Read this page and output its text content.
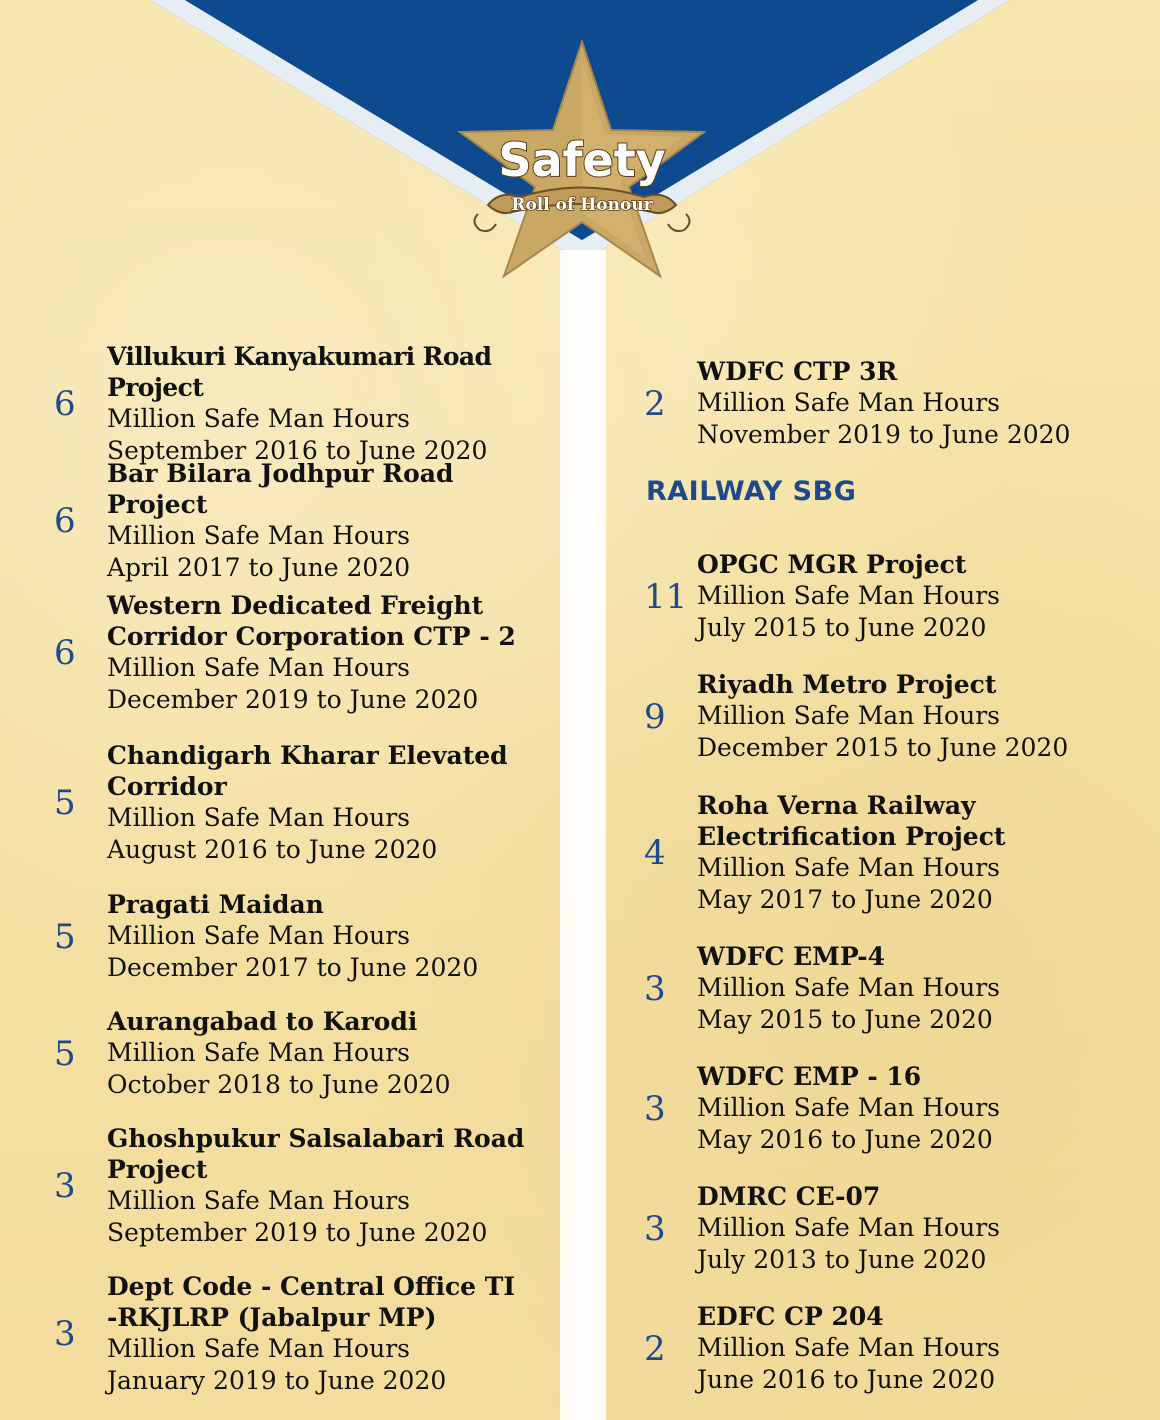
Safety
Roll of Honour
6
Villukuri Kanyakumari Road Project
Million Safe Man Hours
September 2016 to June 2020
6
Bar Bilara Jodhpur Road Project
Million Safe Man Hours
April 2017 to June 2020
6
Western Dedicated Freight
Corridor Corporation CTP - 2
Million Safe Man Hours
December 2019 to June 2020
5
Chandigarh Kharar Elevated
Corridor
Million Safe Man Hours
August 2016 to June 2020
5
Pragati Maidan
Million Safe Man Hours
December 2017 to June 2020
5
Aurangabad to Karodi
Million Safe Man Hours
October 2018 to June 2020
3
Ghoshpukur Salsalabari Road
Project
Million Safe Man Hours
September 2019 to June 2020
3
Dept Code - Central Office TI
-RKJLRP (Jabalpur MP)
Million Safe Man Hours
January 2019 to June 2020
2
WDFC CTP 3R
Million Safe Man Hours
November 2019 to June 2020
RAILWAY SBG
11
OPGC MGR Project
Million Safe Man Hours
July 2015 to June 2020
9
Riyadh Metro Project
Million Safe Man Hours
December 2015 to June 2020
4
Roha Verna Railway
Electrification Project
Million Safe Man Hours
May 2017 to June 2020
3
WDFC EMP-4
Million Safe Man Hours
May 2015 to June 2020
3
WDFC EMP - 16
Million Safe Man Hours
May 2016 to June 2020
3
DMRC CE-07
Million Safe Man Hours
July 2013 to June 2020
2
EDFC CP 204
Million Safe Man Hours
June 2016 to June 2020
